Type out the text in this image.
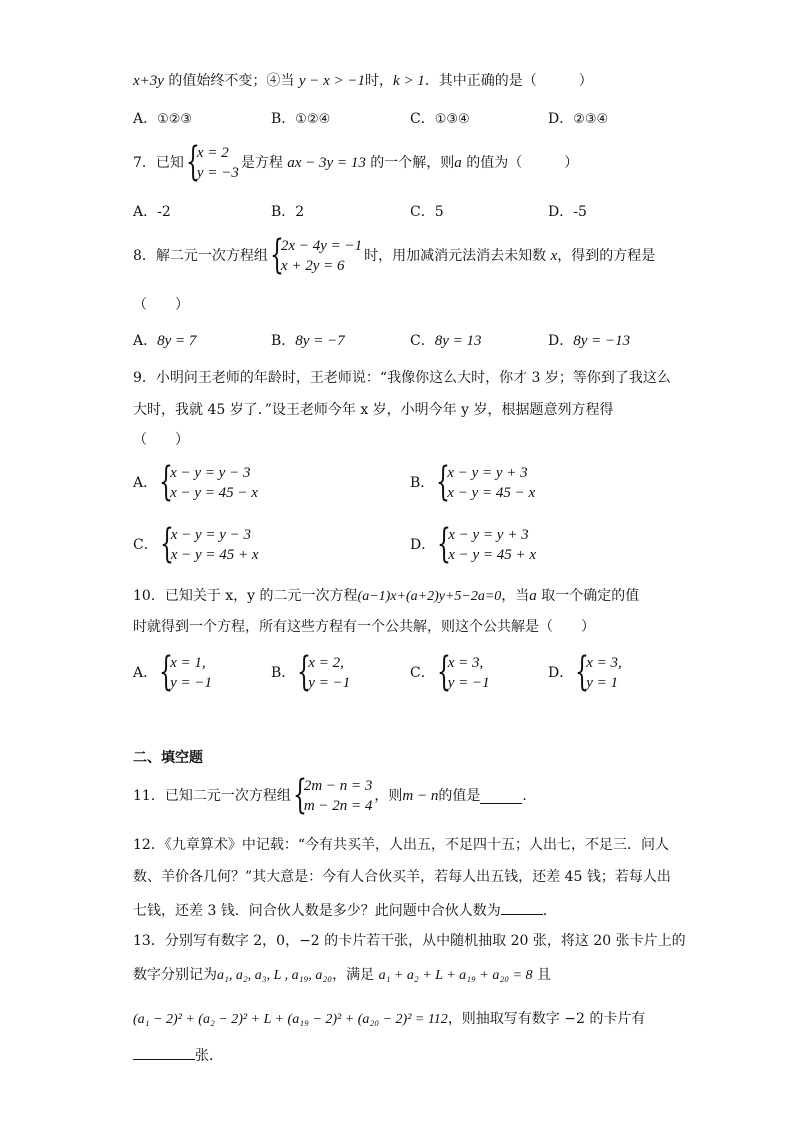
x+3y 的值始终不变；④当 y − x > −1时，k > 1．其中正确的是（　　　）
A．①②③	B．①②④	C．①③④	D．②③④
7．已知 {
x = 2
y = −3
是方程 ax − 3y = 13 的一个解，则a 的值为（　　　）
A．-2	B．2	C．5	D．-5
8．解二元一次方程组 {
2x − 4y = −1
x + 2y = 6
时，用加减消元法消去未知数 x，得到的方程是
（　　）
A．8y = 7	B．8y = −7	C．8y = 13	D．8y = −13
9．小明问王老师的年龄时，王老师说：“我像你这么大时，你才 3 岁；等你到了我这么
大时，我就 45 岁了．”设王老师今年 x 岁，小明今年 y 岁，根据题意列方程得
（　　）
A． {
x − y = y − 3
x − y = 45 − x
B． {
x − y = y + 3
x − y = 45 − x
C． {
x − y = y − 3
x − y = 45 + x
D． {
x − y = y + 3
x − y = 45 + x
10．已知关于 x，y 的二元一次方程(a−1)x+(a+2)y+5−2a=0，当a 取一个确定的值
时就得到一个方程，所有这些方程有一个公共解，则这个公共解是（　　）
A． {
x = 1,
y = −1
B． {
x = 2,
y = −1
C． {
x = 3,
y = −1
D． {
x = 3,
y = 1
二、填空题
11．已知二元一次方程组 {
2m − n = 3
m − 2n = 4
，则m − n的值是	．
12．《九章算术》中记载：“今有共买羊，人出五，不足四十五；人出七，不足三．问人
数、羊价各几何？”其大意是：今有人合伙买羊，若每人出五钱，还差 45 钱；若每人出
七钱，还差 3 钱．问合伙人数是多少？此问题中合伙人数为	．
13．分别写有数字 2，0，−2 的卡片若干张，从中随机抽取 20 张，将这 20 张卡片上的
数字分别记为a₁, a₂, a₃, L , a₁₉, a₂₀，满足 a₁ + a₂ + L + a₁₉ + a₂₀ = 8 且
(a₁ − 2)² + (a₂ − 2)² + L + (a₁₉ − 2)² + (a₂₀ − 2)² = 112，则抽取写有数字 −2 的卡片有
张．
